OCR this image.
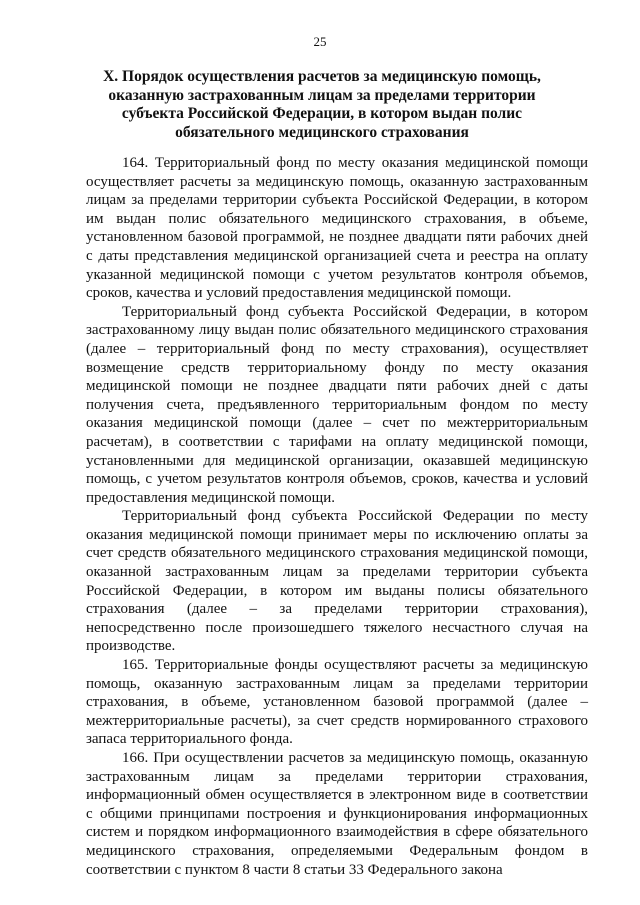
25
X. Порядок осуществления расчетов за медицинскую помощь, оказанную застрахованным лицам за пределами территории субъекта Российской Федерации, в котором выдан полис обязательного медицинского страхования

164. Территориальный фонд по месту оказания медицинской помощи осуществляет расчеты за медицинскую помощь, оказанную застрахованным лицам за пределами территории субъекта Российской Федерации, в котором им выдан полис обязательного медицинского страхования, в объеме, установленном базовой программой, не позднее двадцати пяти рабочих дней с даты представления медицинской организацией счета и реестра на оплату указанной медицинской помощи с учетом результатов контроля объемов, сроков, качества и условий предоставления медицинской помощи.

Территориальный фонд субъекта Российской Федерации, в котором застрахованному лицу выдан полис обязательного медицинского страхования (далее – территориальный фонд по месту страхования), осуществляет возмещение средств территориальному фонду по месту оказания медицинской помощи не позднее двадцати пяти рабочих дней с даты получения счета, предъявленного территориальным фондом по месту оказания медицинской помощи (далее – счет по межтерриториальным расчетам), в соответствии с тарифами на оплату медицинской помощи, установленными для медицинской организации, оказавшей медицинскую помощь, с учетом результатов контроля объемов, сроков, качества и условий предоставления медицинской помощи.

Территориальный фонд субъекта Российской Федерации по месту оказания медицинской помощи принимает меры по исключению оплаты за счет средств обязательного медицинского страхования медицинской помощи, оказанной застрахованным лицам за пределами территории субъекта Российской Федерации, в котором им выданы полисы обязательного страхования (далее – за пределами территории страхования), непосредственно после произошедшего тяжелого несчастного случая на производстве.

165. Территориальные фонды осуществляют расчеты за медицинскую помощь, оказанную застрахованным лицам за пределами территории страхования, в объеме, установленном базовой программой (далее – межтерриториальные расчеты), за счет средств нормированного страхового запаса территориального фонда.

166. При осуществлении расчетов за медицинскую помощь, оказанную застрахованным лицам за пределами территории страхования, информационный обмен осуществляется в электронном виде в соответствии с общими принципами построения и функционирования информационных систем и порядком информационного взаимодействия в сфере обязательного медицинского страхования, определяемыми Федеральным фондом в соответствии с пунктом 8 части 8 статьи 33 Федерального закона
